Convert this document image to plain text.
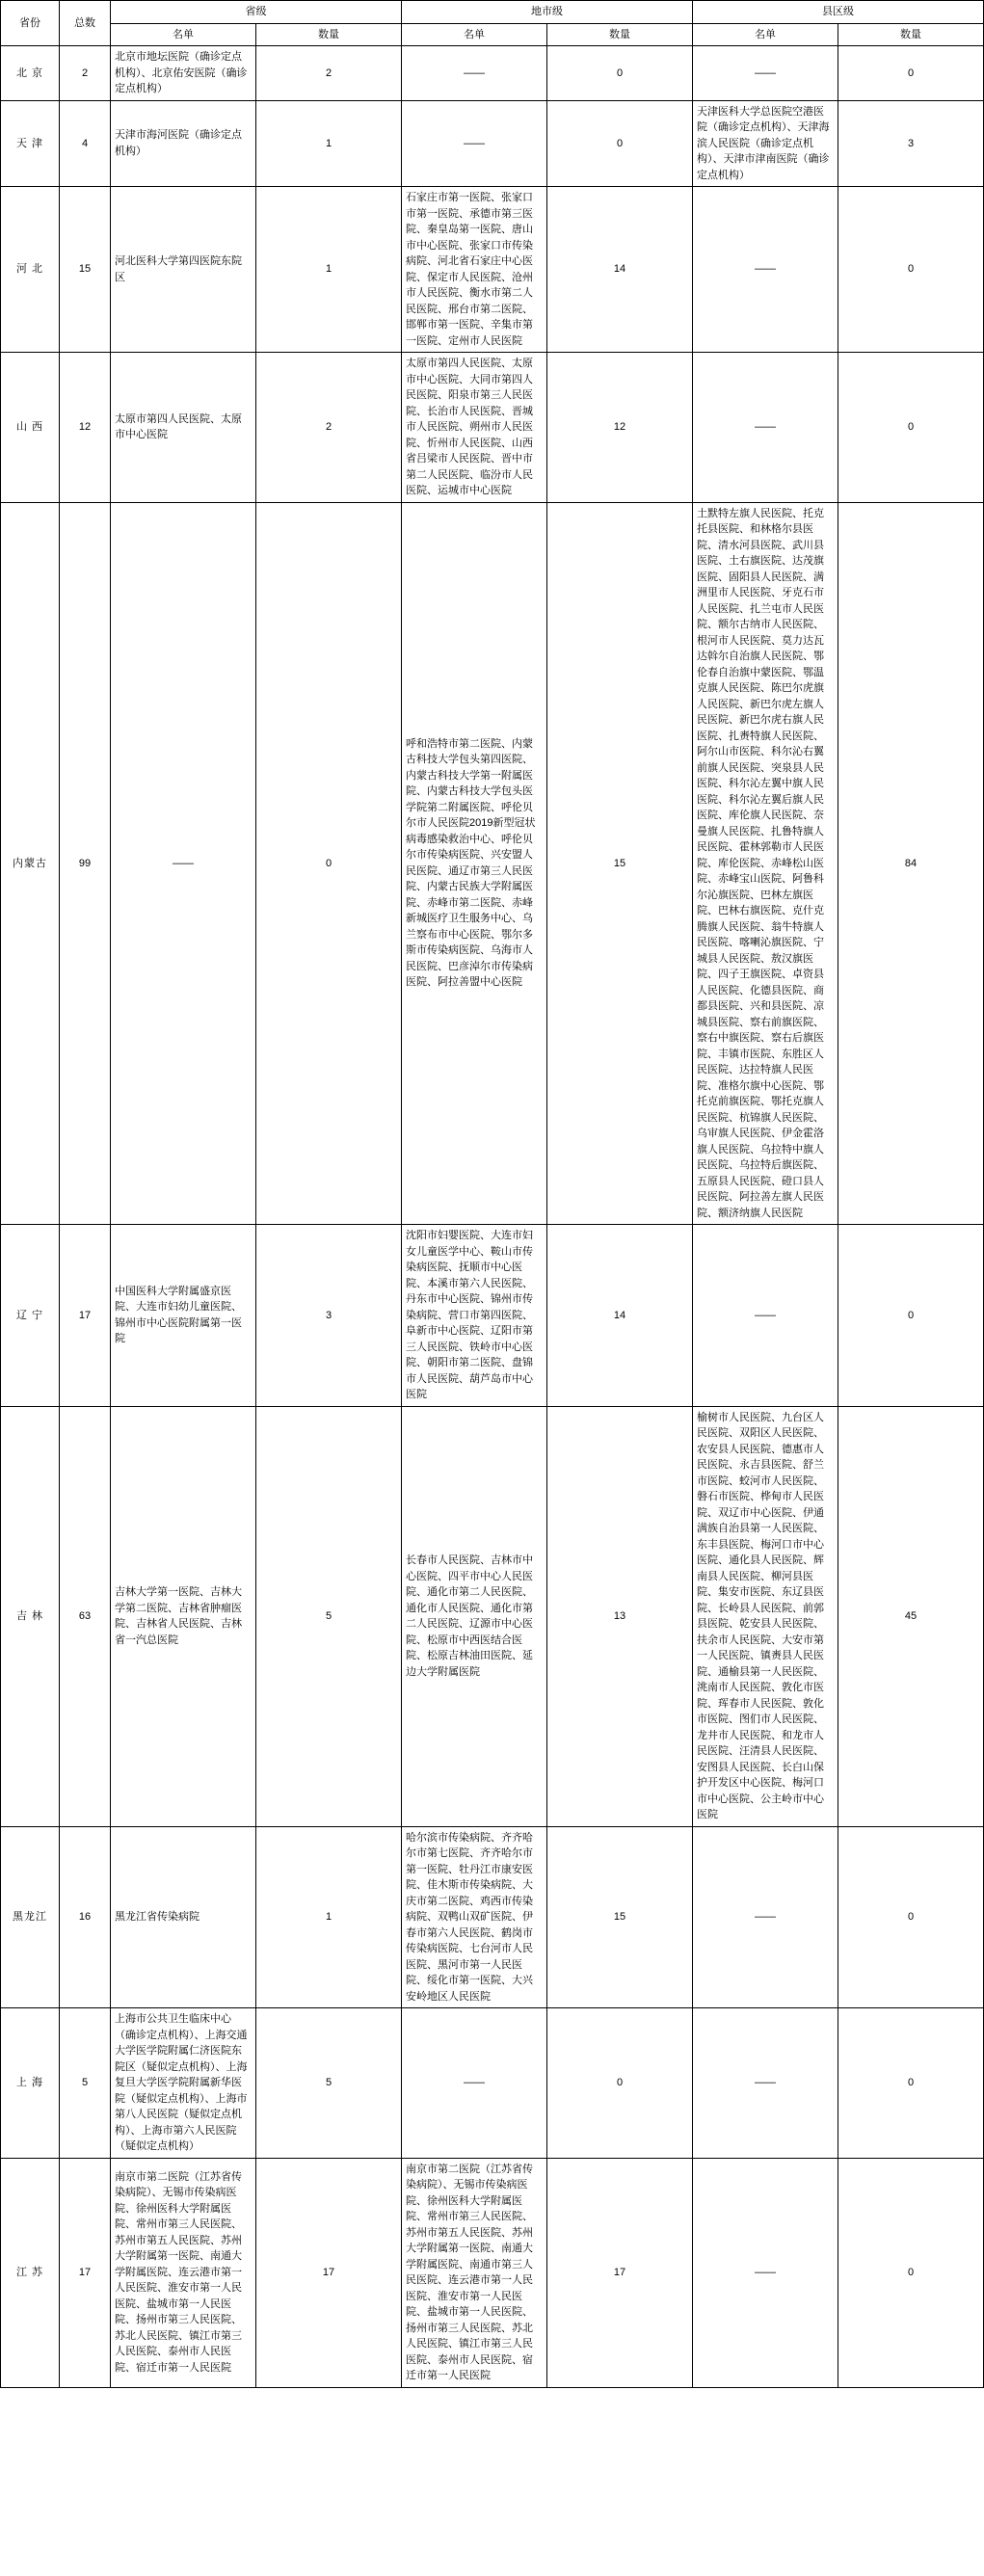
省份	总数	省级		地市级		县区级	
		名单	数量	名单	数量	名单	数量
北 京	2	北京市地坛医院（确诊定点机构）、北京佑安医院（确诊定点机构）	2	——	0	——	0
天 津	4	天津市海河医院（确诊定点机构）	1	——	0	天津医科大学总医院空港医院（确诊定点机构）、天津海滨人民医院（确诊定点机构）、天津市津南医院（确诊定点机构）	3
河 北	15	河北医科大学第四医院东院区	1	石家庄市第一医院、张家口市第一医院、承德市第三医院、秦皇岛第一医院、唐山市中心医院、张家口市传染病院、河北省石家庄中心医院、保定市人民医院、沧州市人民医院、衡水市第二人民医院、邢台市第二医院、邯郸市第一医院、辛集市第一医院、定州市人民医院	14	——	0
山 西	12	太原市第四人民医院、太原市中心医院	2	太原市第四人民医院、太原市中心医院、大同市第四人民医院、阳泉市第三人民医院、长治市人民医院、晋城市人民医院、朔州市人民医院、忻州市人民医院、山西省吕梁市人民医院、晋中市第二人民医院、临汾市人民医院、运城市中心医院	12	——	0
内蒙古	99	——	0	呼和浩特市第二医院、内蒙古科技大学包头第四医院、内蒙古科技大学第一附属医院、内蒙古科技大学包头医学院第二附属医院、呼伦贝尔市人民医院2019新型冠状病毒感染救治中心、呼伦贝尔市传染病医院、兴安盟人民医院、通辽市第三人民医院、内蒙古民族大学附属医院、赤峰市第二医院、赤峰新城医疗卫生服务中心、乌兰察布市中心医院、鄂尔多斯市传染病医院、乌海市人民医院、巴彦淖尔市传染病医院、阿拉善盟中心医院	15	土默特左旗人民医院、托克托县医院、和林格尔县医院、清水河县医院、武川县医院、土右旗医院、达茂旗医院、固阳县人民医院、满洲里市人民医院、牙克石市人民医院、扎兰屯市人民医院、额尔古纳市人民医院、根河市人民医院、莫力达瓦达斡尔自治旗人民医院、鄂伦春自治旗中蒙医院、鄂温克旗人民医院、陈巴尔虎旗人民医院、新巴尔虎左旗人民医院、新巴尔虎右旗人民医院、扎赉特旗人民医院、阿尔山市医院、科尔沁右翼前旗人民医院、突泉县人民医院、科尔沁左翼中旗人民医院、科尔沁左翼后旗人民医院、库伦旗人民医院、奈曼旗人民医院、扎鲁特旗人民医院、霍林郭勒市人民医院、库伦医院、赤峰松山医院、赤峰宝山医院、阿鲁科尔沁旗医院、巴林左旗医院、巴林右旗医院、克什克腾旗人民医院、翁牛特旗人民医院、喀喇沁旗医院、宁城县人民医院、敖汉旗医院、四子王旗医院、卓资县人民医院、化德县医院、商都县医院、兴和县医院、凉城县医院、察右前旗医院、察右中旗医院、察右后旗医院、丰镇市医院、东胜区人民医院、达拉特旗人民医院、准格尔旗中心医院、鄂托克前旗医院、鄂托克旗人民医院、杭锦旗人民医院、乌审旗人民医院、伊金霍洛旗人民医院、乌拉特中旗人民医院、乌拉特后旗医院、五原县人民医院、磴口县人民医院、阿拉善左旗人民医院、额济纳旗人民医院	84
辽 宁	17	中国医科大学附属盛京医院、大连市妇幼儿童医院、锦州市中心医院附属第一医院	3	沈阳市妇婴医院、大连市妇女儿童医学中心、鞍山市传染病医院、抚顺市中心医院、本溪市第六人民医院、丹东市中心医院、锦州市传染病院、营口市第四医院、阜新市中心医院、辽阳市第三人民医院、铁岭市中心医院、朝阳市第二医院、盘锦市人民医院、葫芦岛市中心医院	14	——	0
吉 林	63	吉林大学第一医院、吉林大学第二医院、吉林省肿瘤医院、吉林省人民医院、吉林省一汽总医院	5	长春市人民医院、吉林市中心医院、四平市中心人民医院、通化市第二人民医院、通化市人民医院、通化市第二人民医院、辽源市中心医院、松原市中西医结合医院、松原吉林油田医院、延边大学附属医院	13	榆树市人民医院、九台区人民医院、双阳区人民医院、农安县人民医院、德惠市人民医院、永吉县医院、舒兰市医院、蛟河市人民医院、磐石市医院、桦甸市人民医院、双辽市中心医院、伊通满族自治县第一人民医院、东丰县医院、梅河口市中心医院、通化县人民医院、辉南县人民医院、柳河县医院、集安市医院、东辽县医院、长岭县人民医院、前郭县医院、乾安县人民医院、扶余市人民医院、大安市第一人民医院、镇赉县人民医院、通榆县第一人民医院、洮南市人民医院、敦化市医院、珲春市人民医院、敦化市医院、图们市人民医院、龙井市人民医院、和龙市人民医院、汪清县人民医院、安图县人民医院、长白山保护开发区中心医院、梅河口市中心医院、公主岭市中心医院	45
黑龙江	16	黑龙江省传染病院	1	哈尔滨市传染病院、齐齐哈尔市第七医院、齐齐哈尔市第一医院、牡丹江市康安医院、佳木斯市传染病院、大庆市第二医院、鸡西市传染病院、双鸭山双矿医院、伊春市第六人民医院、鹤岗市传染病医院、七台河市人民医院、黑河市第一人民医院、绥化市第一医院、大兴安岭地区人民医院	15	——	0
上 海	5	上海市公共卫生临床中心（确诊定点机构）、上海交通大学医学院附属仁济医院东院区（疑似定点机构）、上海复旦大学医学院附属新华医院（疑似定点机构）、上海市第八人民医院（疑似定点机构）、上海市第六人民医院（疑似定点机构）	5	——	0	——	0
江 苏	17	南京市第二医院（江苏省传染病院）、无锡市传染病医院、徐州医科大学附属医院、常州市第三人民医院、苏州市第五人民医院、苏州大学附属第一医院、南通大学附属医院、连云港市第一人民医院、淮安市第一人民医院、盐城市第一人民医院、扬州市第三人民医院、苏北人民医院、镇江市第三人民医院、泰州市人民医院、宿迁市第一人民医院	17	南京市第二医院（江苏省传染病院）、无锡市传染病医院、徐州医科大学附属医院、常州市第三人民医院、苏州市第五人民医院、苏州大学附属第一医院、南通大学附属医院、南通市第三人民医院、连云港市第一人民医院、淮安市第一人民医院、盐城市第一人民医院、扬州市第三人民医院、苏北人民医院、镇江市第三人民医院、泰州市人民医院、宿迁市第一人民医院	17	——	0
